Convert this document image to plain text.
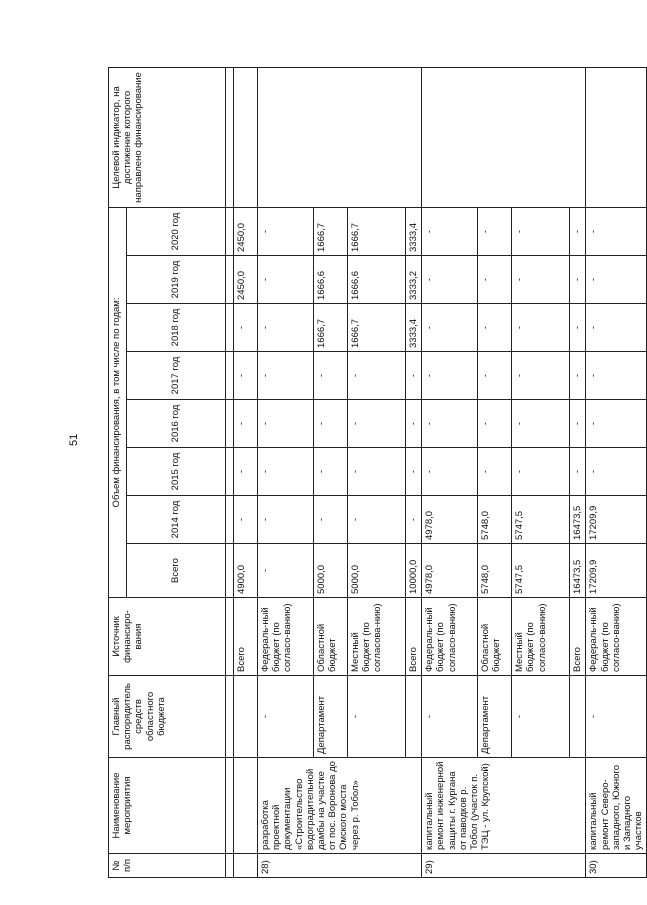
51
№ п/п	Наименование мероприятия	Главный распорядитель средств областного бюджета	Источник финансиро-вания	Объем финансирования, в том числе по годам:								Целевой индикатор, на достижение которого направлено финансирование
				Всего	2014 год	2015 год	2016 год	2017 год	2018 год	2019 год	2020 год	

			Всего	4900,0	-	-	-	-	-	2450,0	2450,0	
28)	разработка проектной документации «Строительство водоградительной дамбы на участке от пос. Воронова до Омского моста через р. Тобол»	-	Федераль-ный бюджет (по согласо-ванию)	-	-	-	-	-	-	-	-	
		Департамент	Областной бюджет	5000,0	-	-	-	-	1666,7	1666,6	1666,7	
		-	Местный бюджет (по согласова-нию)	5000,0	-	-	-	-	1666,7	1666,6	1666,7	
			Всего	10000,0	-	-	-	-	3333,4	3333,2	3333,4	
29)	капитальный ремонт инженерной защиты г. Кургана от паводков р. Тобол (участок п. ТЭЦ - ул. Крупской)	-	Федераль-ный бюджет (по согласо-ванию)	4978,0	4978,0	-	-	-	-	-	-	
		Департамент	Областной бюджет	5748,0	5748,0	-	-	-	-	-	-	
		-	Местный бюджет (по согласо-ванию)	5747,5	5747,5	-	-	-	-	-	-	
			Всего	16473,5	16473,5	-	-	-	-	-	-	
30)	капитальный ремонт Северо-западного, Южного и Западного участков	-	Федераль-ный бюджет (по согласо-ванию)	17209,9	17209,9	-	-	-	-	-	-	
